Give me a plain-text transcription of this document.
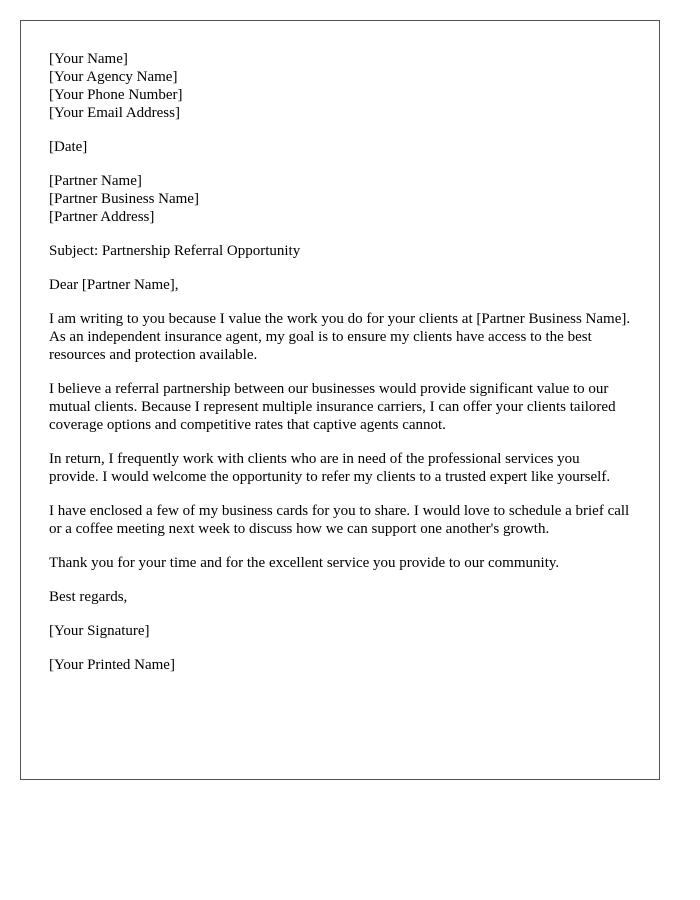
[Your Name]
[Your Agency Name]
[Your Phone Number]
[Your Email Address]
[Date]
[Partner Name]
[Partner Business Name]
[Partner Address]

Subject: Partnership Referral Opportunity

Dear [Partner Name],

I am writing to you because I value the work you do for your clients at [Partner Business Name]. As an independent insurance agent, my goal is to ensure my clients have access to the best resources and protection available.

I believe a referral partnership between our businesses would provide significant value to our mutual clients. Because I represent multiple insurance carriers, I can offer your clients tailored coverage options and competitive rates that captive agents cannot.

In return, I frequently work with clients who are in need of the professional services you provide. I would welcome the opportunity to refer my clients to a trusted expert like yourself.

I have enclosed a few of my business cards for you to share. I would love to schedule a brief call or a coffee meeting next week to discuss how we can support one another's growth.

Thank you for your time and for the excellent service you provide to our community.

Best regards,

[Your Signature]

[Your Printed Name]
